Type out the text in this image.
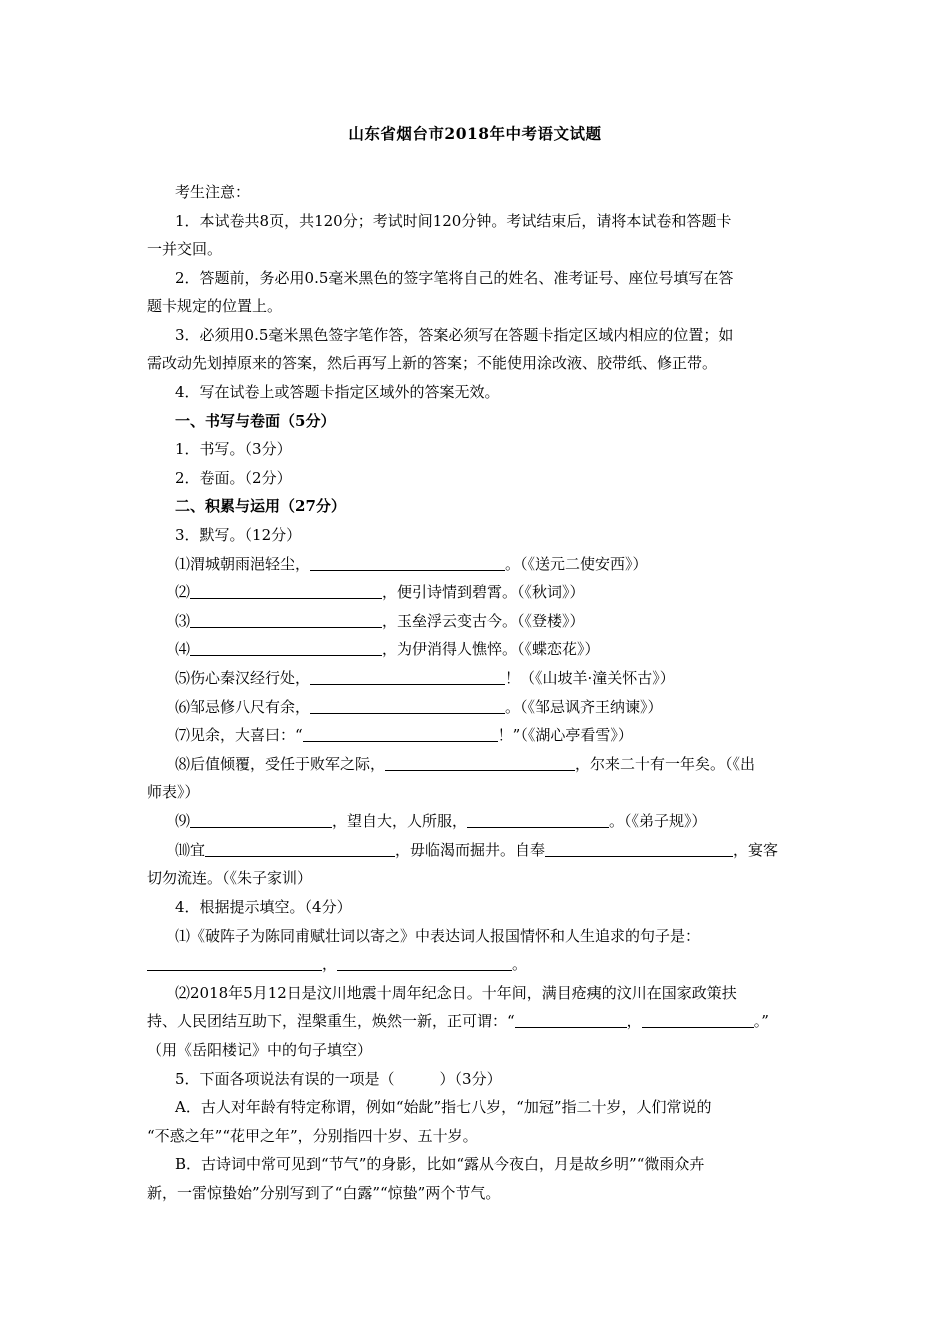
山东省烟台市2018年中考语文试题
考生注意：
1．本试卷共8页，共120分；考试时间120分钟。考试结束后，请将本试卷和答题卡
一并交回。
2．答题前，务必用0.5毫米黑色的签字笔将自己的姓名、准考证号、座位号填写在答
题卡规定的位置上。
3．必须用0.5毫米黑色签字笔作答，答案必须写在答题卡指定区域内相应的位置；如
需改动先划掉原来的答案，然后再写上新的答案；不能使用涂改液、胶带纸、修正带。
4．写在试卷上或答题卡指定区域外的答案无效。
一、书写与卷面（5分）
1．书写。（3分）
2．卷面。（2分）
二、积累与运用（27分）
3．默写。（12分）
⑴渭城朝雨浥轻尘，	。（《送元二使安西》）
⑵	，便引诗情到碧霄。（《秋词》）
⑶	，玉垒浮云变古今。（《登楼》）
⑷	，为伊消得人憔悴。（《蝶恋花》）
⑸伤心秦汉经行处，	！（《山坡羊·潼关怀古》）
⑹邹忌修八尺有余，	。（《邹忌讽齐王纳谏》）
⑺见余，大喜曰：“	！”（《湖心亭看雪》）
⑻后值倾覆，受任于败军之际，	，尔来二十有一年矣。（《出
师表》）
⑼	，望自大，人所服，	。（《弟子规》）
⑽宜	，毋临渴而掘井。自奉	，宴客
切勿流连。（《朱子家训）
4．根据提示填空。（4分）
⑴《破阵子为陈同甫赋壮词以寄之》中表达词人报国情怀和人生追求的句子是：
，	。
⑵2018年5月12日是汶川地震十周年纪念日。十年间，满目疮痍的汶川在国家政策扶
持、人民团结互助下，涅槃重生，焕然一新，正可谓：“	，	。”
（用《岳阳楼记》中的句子填空）
5．下面各项说法有误的一项是（　　　）（3分）
A．古人对年龄有特定称谓，例如“始龀”指七八岁，“加冠”指二十岁，人们常说的
“不惑之年”“花甲之年”，分别指四十岁、五十岁。
B．古诗词中常可见到“节气”的身影，比如“露从今夜白，月是故乡明”“微雨众卉
新，一雷惊蛰始”分别写到了“白露”“惊蛰”两个节气。
